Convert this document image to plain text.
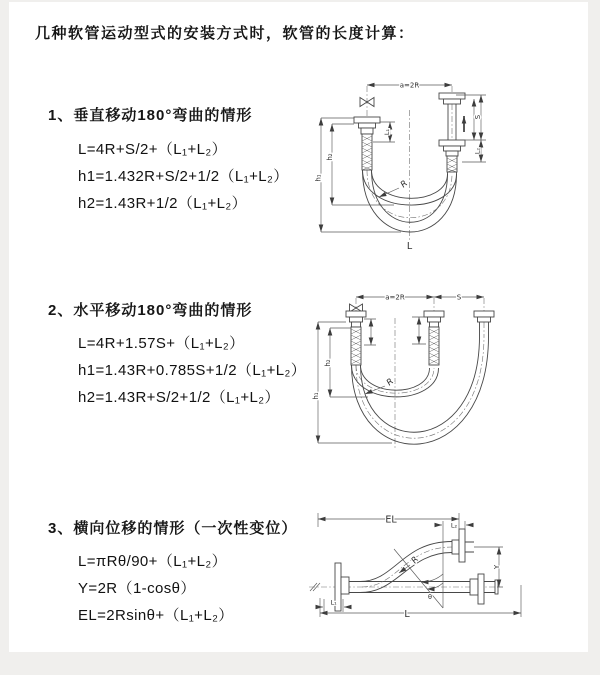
几种软管运动型式的安装方式时，软管的长度计算：
1、垂直移动180°弯曲的情形
L=4R+S/2+（L₁+L₂）
h1=1.432R+S/2+1/2（L₁+L₂）
h2=1.43R+1/2（L₁+L₂）
2、水平移动180°弯曲的情形
L=4R+1.57S+（L₁+L₂）
h1=1.43R+0.785S+1/2（L₁+L₂）
h2=1.43R+S/2+1/2（L₁+L₂）
3、横向位移的情形（一次性变位）
L=πRθ/90+（L₁+L₂）
Y=2R（1-cosθ）
EL=2Rsinθ+（L₁+L₂）
a=2R
S
L₂
L₁
h₁
h₂
R
L
a=2R	S
h₁
h₂
R
θ
EL
L₂
Y
L₁
L
R
